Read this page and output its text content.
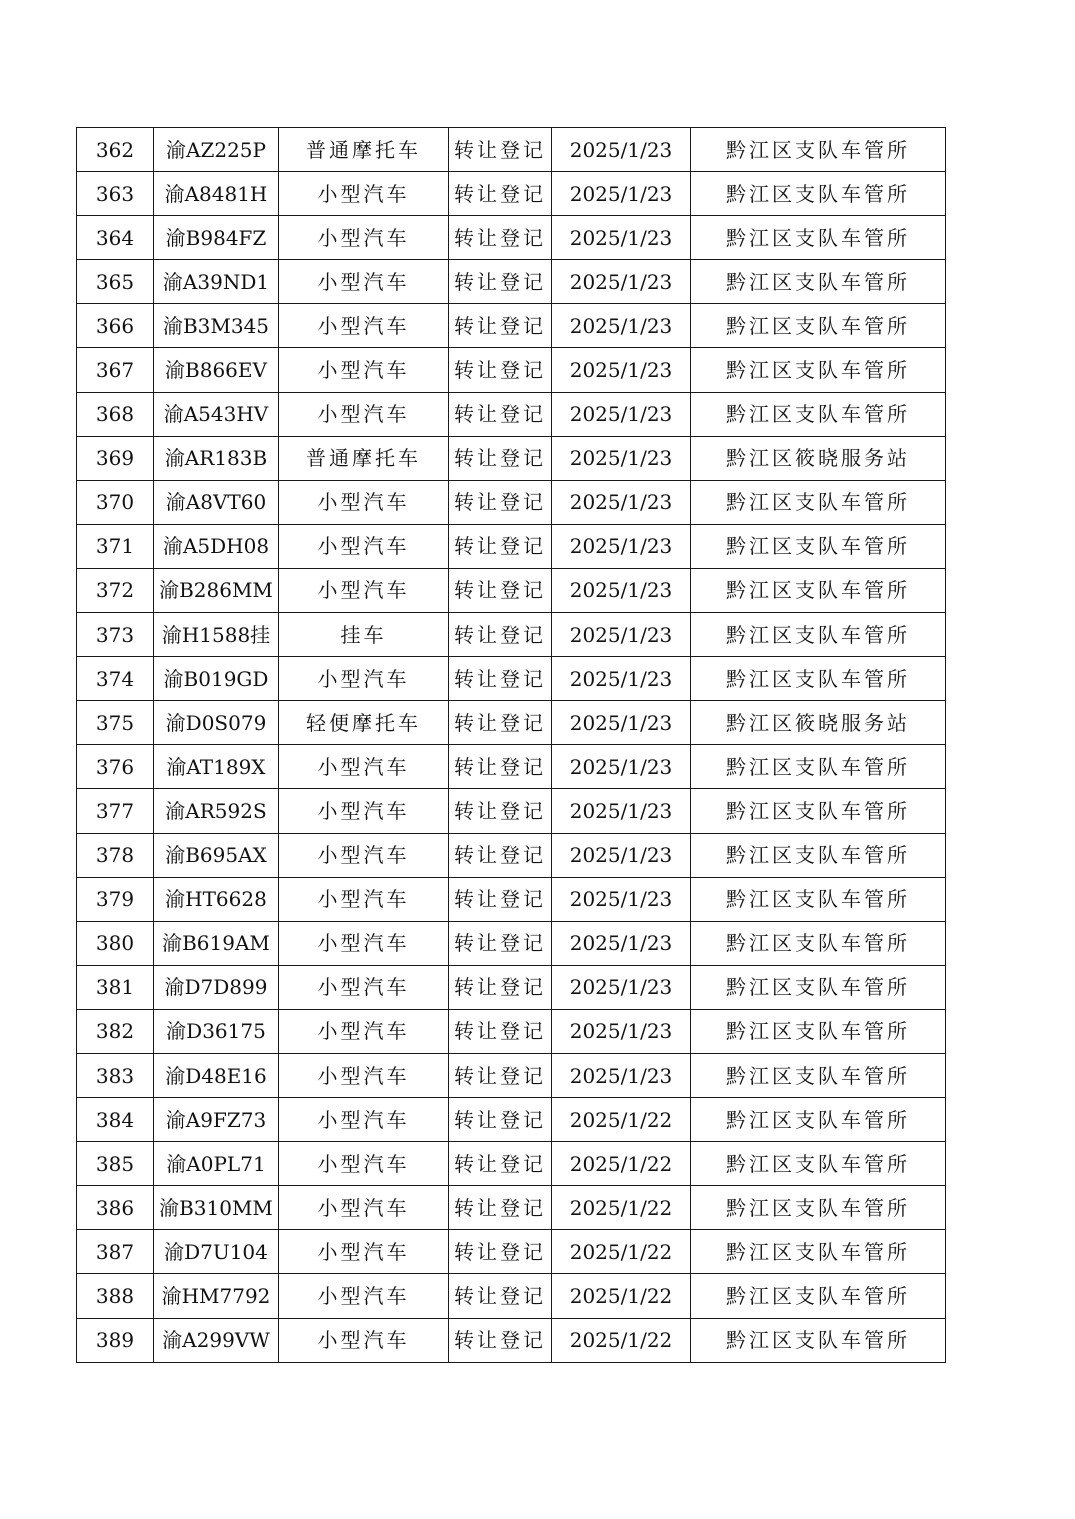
362	渝AZ225P	普通摩托车	转让登记	2025/1/23	黔江区支队车管所
363	渝A8481H	小型汽车	转让登记	2025/1/23	黔江区支队车管所
364	渝B984FZ	小型汽车	转让登记	2025/1/23	黔江区支队车管所
365	渝A39ND1	小型汽车	转让登记	2025/1/23	黔江区支队车管所
366	渝B3M345	小型汽车	转让登记	2025/1/23	黔江区支队车管所
367	渝B866EV	小型汽车	转让登记	2025/1/23	黔江区支队车管所
368	渝A543HV	小型汽车	转让登记	2025/1/23	黔江区支队车管所
369	渝AR183B	普通摩托车	转让登记	2025/1/23	黔江区筱晓服务站
370	渝A8VT60	小型汽车	转让登记	2025/1/23	黔江区支队车管所
371	渝A5DH08	小型汽车	转让登记	2025/1/23	黔江区支队车管所
372	渝B286MM	小型汽车	转让登记	2025/1/23	黔江区支队车管所
373	渝H1588挂	挂车	转让登记	2025/1/23	黔江区支队车管所
374	渝B019GD	小型汽车	转让登记	2025/1/23	黔江区支队车管所
375	渝D0S079	轻便摩托车	转让登记	2025/1/23	黔江区筱晓服务站
376	渝AT189X	小型汽车	转让登记	2025/1/23	黔江区支队车管所
377	渝AR592S	小型汽车	转让登记	2025/1/23	黔江区支队车管所
378	渝B695AX	小型汽车	转让登记	2025/1/23	黔江区支队车管所
379	渝HT6628	小型汽车	转让登记	2025/1/23	黔江区支队车管所
380	渝B619AM	小型汽车	转让登记	2025/1/23	黔江区支队车管所
381	渝D7D899	小型汽车	转让登记	2025/1/23	黔江区支队车管所
382	渝D36175	小型汽车	转让登记	2025/1/23	黔江区支队车管所
383	渝D48E16	小型汽车	转让登记	2025/1/23	黔江区支队车管所
384	渝A9FZ73	小型汽车	转让登记	2025/1/22	黔江区支队车管所
385	渝A0PL71	小型汽车	转让登记	2025/1/22	黔江区支队车管所
386	渝B310MM	小型汽车	转让登记	2025/1/22	黔江区支队车管所
387	渝D7U104	小型汽车	转让登记	2025/1/22	黔江区支队车管所
388	渝HM7792	小型汽车	转让登记	2025/1/22	黔江区支队车管所
389	渝A299VW	小型汽车	转让登记	2025/1/22	黔江区支队车管所
